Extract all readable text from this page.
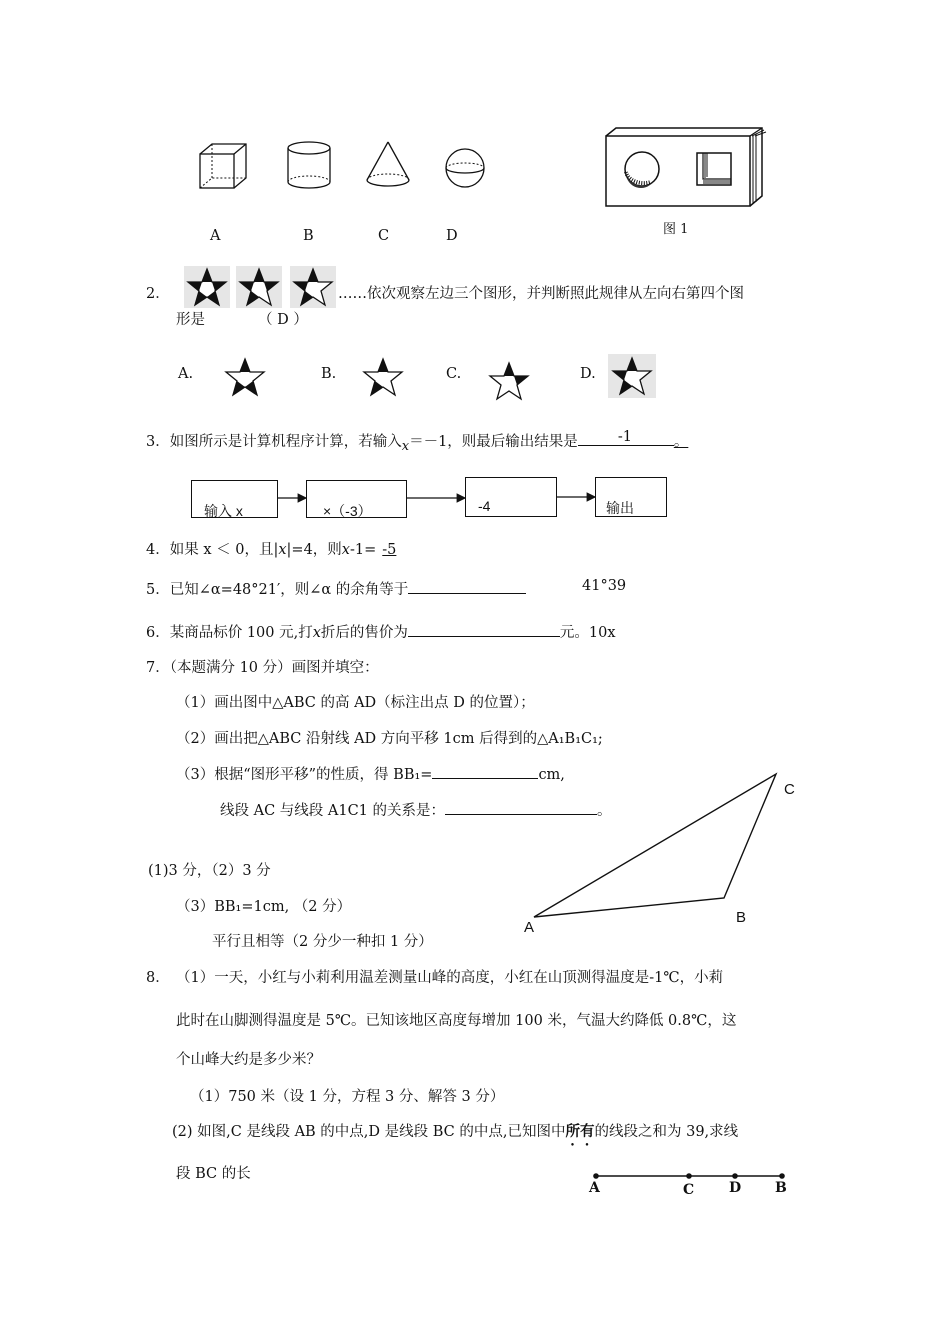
A	B	C	D	图 1
2．	……依次观察左边三个图形，并判断照此规律从左向右第四个图
形是	（ D ）
A.	B.	C.	D.
3．如图所示是计算机程序计算，若输入x＝－1，则最后输出结果是	-1	。
输入 x	×（-3）	-4	输出
4．如果 x ＜ 0，且|x|=4，则x-1= -5
5．已知∠α=48°21′，则∠α 的余角等于	41°39
6．某商品标价 100 元,打x折后的售价为	元。10x
7．（本题满分 10 分）画图并填空：
（1）画出图中△ABC 的高 AD（标注出点 D 的位置）；
（2）画出把△ABC 沿射线 AD 方向平移 1cm 后得到的△A₁B₁C₁;
（3）根据“图形平移”的性质，得 BB₁=	cm,
线段 AC 与线段 A1C1 的关系是：	。
C
B
A
(1)3 分，（2）3 分
（3）BB₁=1cm, （2 分）
平行且相等（2 分少一种扣 1 分）
8． （1）一天，小红与小莉利用温差测量山峰的高度，小红在山顶测得温度是-1℃，小莉
此时在山脚测得温度是 5℃。已知该地区高度每增加 100 米，气温大约降低 0.8℃，这
个山峰大约是多少米？
（1）750 米（设 1 分，方程 3 分、解答 3 分）
(2) 如图,C 是线段 AB 的中点,D 是线段 BC 的中点,已知图中所有的线段之和为 39,求线
段 BC 的长
A	C D B
